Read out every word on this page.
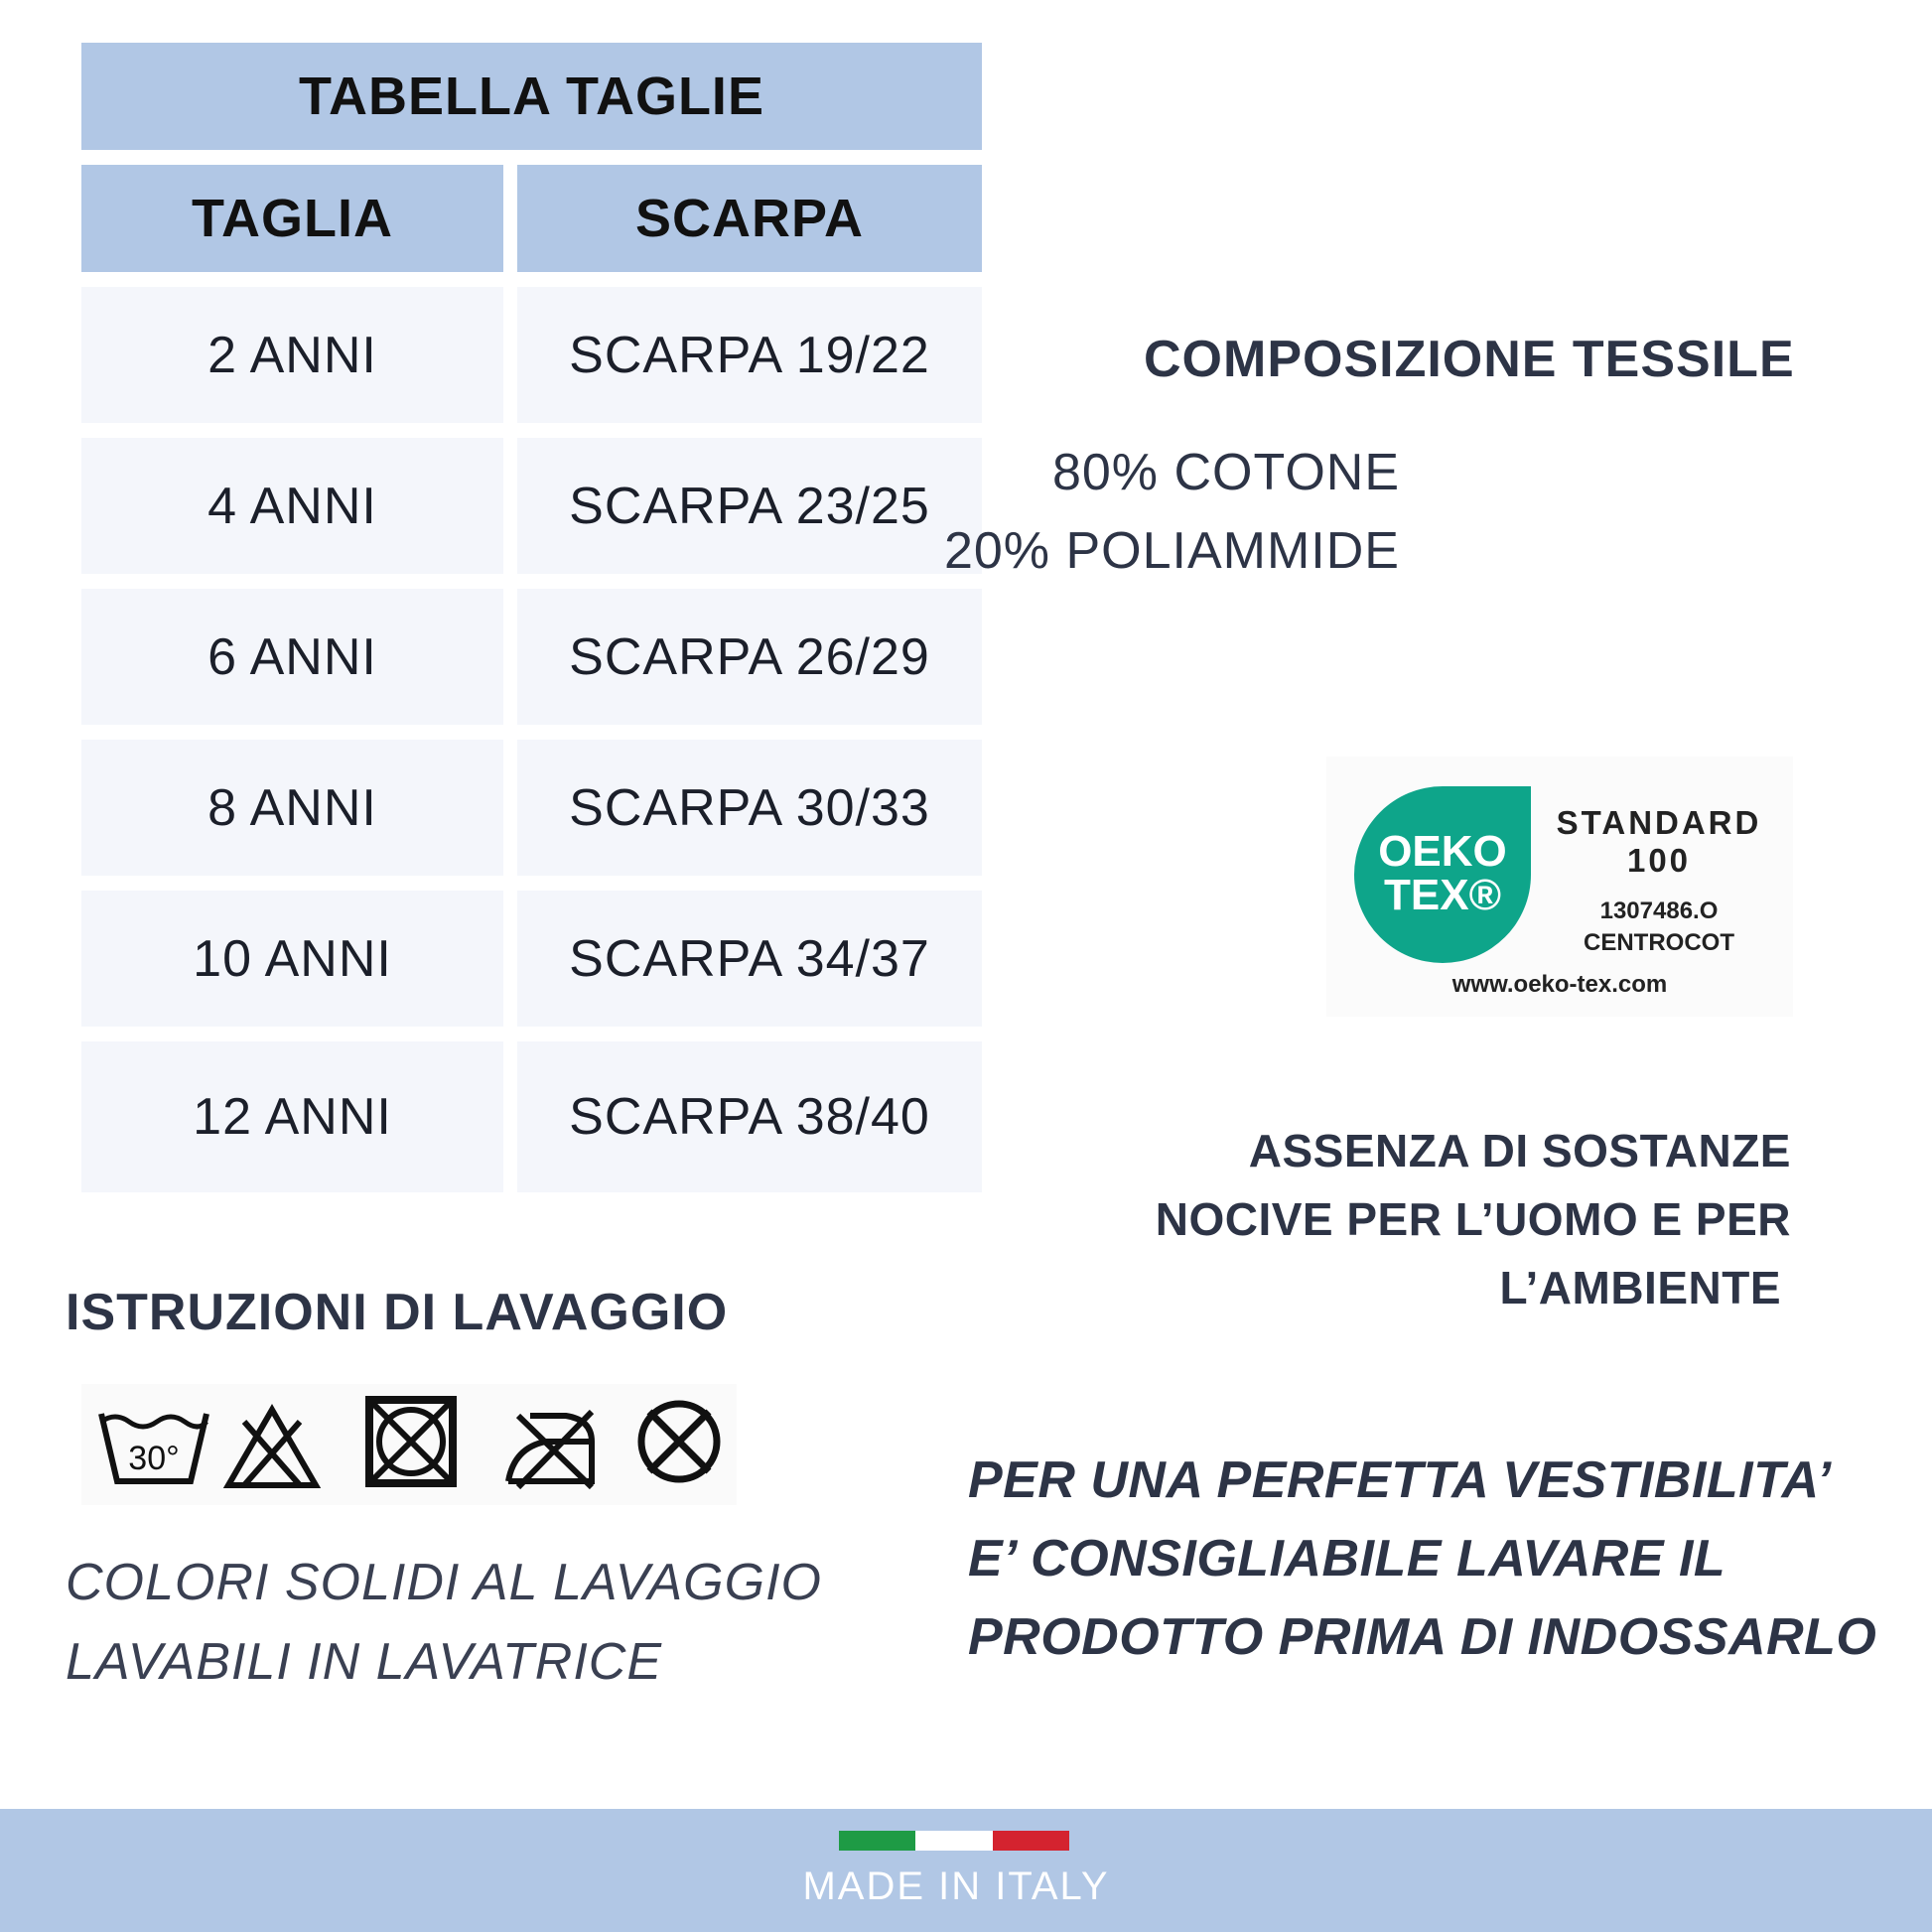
TABELLA TAGLIE
TAGLIA	SCARPA
2 ANNI	SCARPA 19/22
4 ANNI	SCARPA 23/25
6 ANNI	SCARPA 26/29
8 ANNI	SCARPA 30/33
10 ANNI	SCARPA 34/37
12 ANNI	SCARPA 38/40
COMPOSIZIONE TESSILE
80% COTONE
20% POLIAMMIDE
OEKO
TEX®
STANDARD
100
1307486.O
CENTROCOT
www.oeko-tex.com
ASSENZA DI SOSTANZE
NOCIVE PER L’UOMO E PER
L’AMBIENTE
ISTRUZIONI DI LAVAGGIO
30°
COLORI SOLIDI AL LAVAGGIO
LAVABILI IN LAVATRICE
PER UNA PERFETTA VESTIBILITA’
E’ CONSIGLIABILE LAVARE IL
PRODOTTO PRIMA DI INDOSSARLO
MADE IN ITALY
